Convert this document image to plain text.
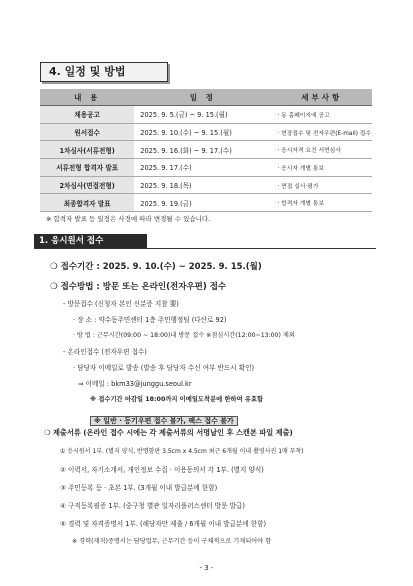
4. 일정 및 방법
내 용	일 정	세부사항
채용공고	2025. 9. 5.(금) ~ 9. 15.(월)	· 동 홈페이지에 공고
원서접수	2025. 9. 10.(수) ~ 9. 15.(월)	· 현장접수 및 전자우편(E-mail) 접수
1차심사(서류전형)	2025. 9. 16.(화) ~ 9. 17.(수)	· 응시자격 요건 서면심사
서류전형 합격자 발표	2025. 9. 17.(수)	· 응시자 개별 통보
2차심사(면접전형)	2025. 9. 18.(목)	· 면접 실시·평가
최종합격자 발표	2025. 9. 19.(금)	· 합격자 개별 통보
※ 합격자 발표 등 일정은 사정에 따라 변경될 수 있습니다.
1. 응시원서 접수
❍ 접수기간 : 2025. 9. 10.(수) ~ 2025. 9. 15.(월)
❍ 접수방법 : 방문 또는 온라인(전자우편) 접수
- 방문접수 (신청자 본인 신분증 지참 要)
· 장 소 : 약수동주민센터 1층 주민행정팀 (다산로 92)
· 방 법 : 근무시간(09:00 ~ 18:00)내 방문 접수 ※점심시간(12:00~13:00) 제외
- 온라인접수 (전자우편 접수)
· 담당자 이메일로 발송 (발송 후 담당자 수신 여부 반드시 확인)
⇒ 이메일 : bkm33@junggu.seoul.kr
※ 접수기간 마감일 18:00까지 이메일도착분에 한하여 유효함
※ 일반 · 등기우편 접수 불가, 팩스 접수 불가
❍ 제출서류 (온라인 접수 시에는 각 제출서류의 서명날인 후 스캔본 파일 제출)
① 응시원서 1부. (별지 양식, 반명함판 3.5cm x 4.5cm 최근 6개월 이내 촬영사진 1매 부착)
② 이력서, 자기소개서, 개인정보 수집 · 이용동의서 각 1부. (별지 양식)
③ 주민등록 등 · 초본 1부. (3개월 이내 발급분에 한함)
④ 구직등록필증 1부. (중구청 별관 일자리플러스센터 방문 발급)
⑤ 경력 및 자격증명서 1부. (해당자만 제출 / 6개월 이내 발급분에 한함)
※ 경력(재직)증명서는 담당업무, 근무기간 등이 구체적으로 기재되어야 함
- 3 -
